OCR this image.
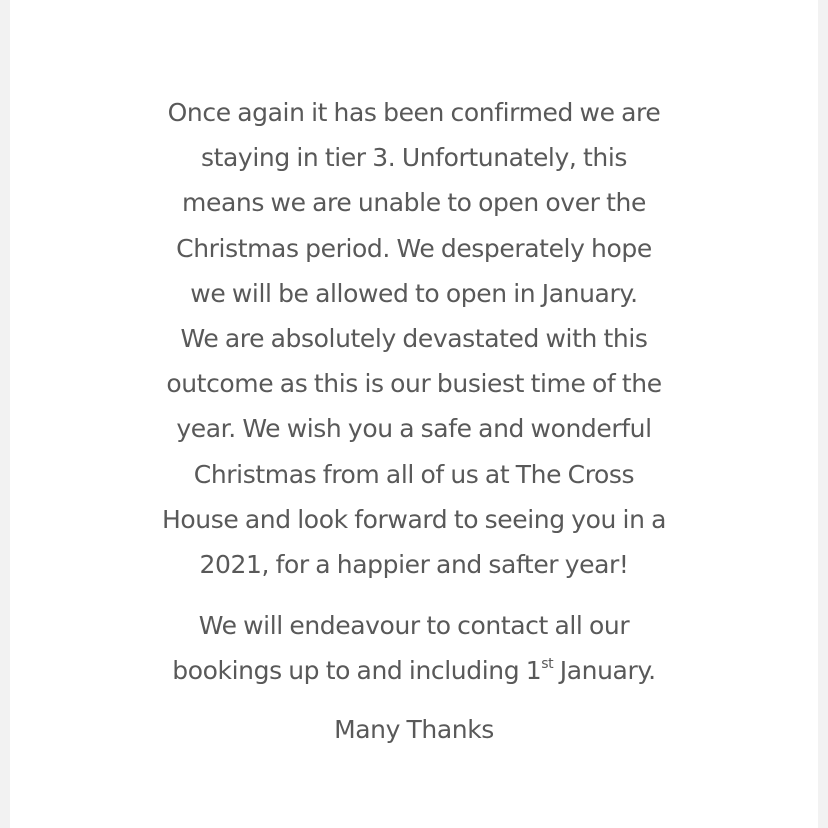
Once again it has been confirmed we are
staying in tier 3. Unfortunately, this
means we are unable to open over the
Christmas period. We desperately hope
we will be allowed to open in January.
We are absolutely devastated with this
outcome as this is our busiest time of the
year. We wish you a safe and wonderful
Christmas from all of us at The Cross
House and look forward to seeing you in a
2021, for a happier and safter year!

We will endeavour to contact all our
bookings up to and including 1st January.

Many Thanks
